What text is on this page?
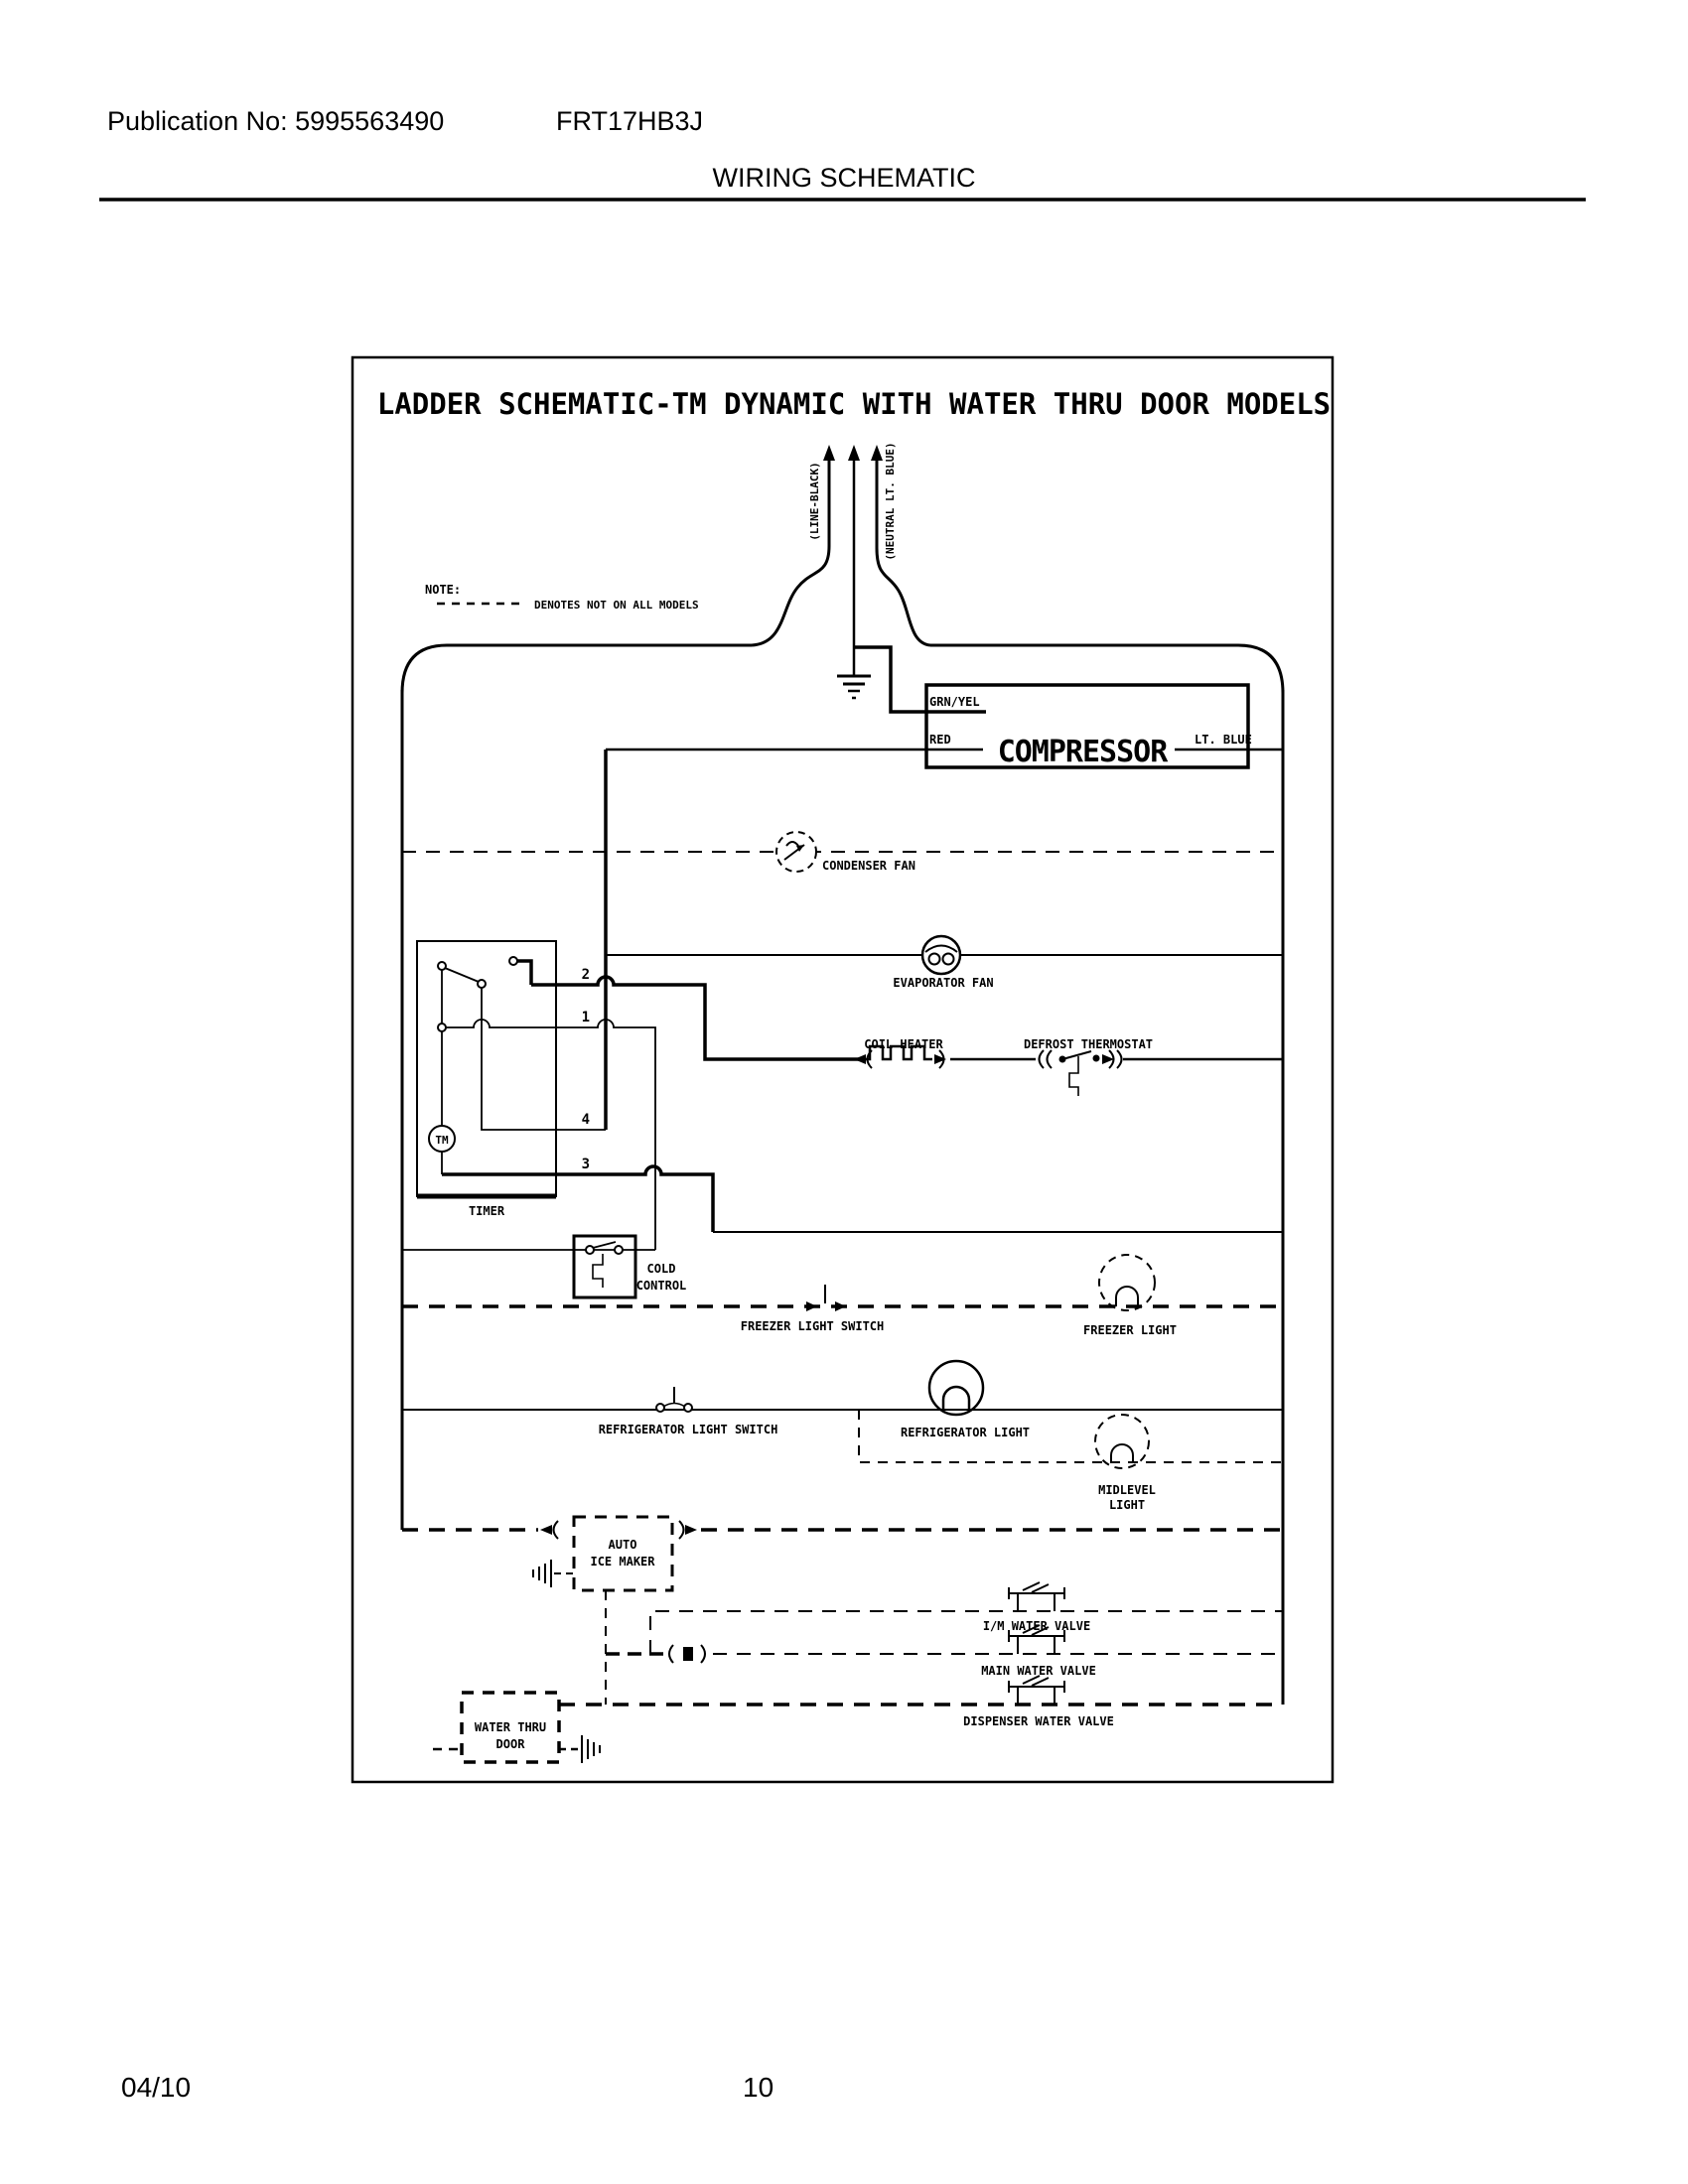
Publication No: 5995563490	FRT17HB3J
WIRING SCHEMATIC
LADDER SCHEMATIC-TM DYNAMIC WITH WATER THRU DOOR MODELS
NOTE:
DENOTES NOT ON ALL MODELS
(LINE-BLACK)	(NEUTRAL LT. BLUE)
GRN/YEL
RED	LT. BLUE
COMPRESSOR
CONDENSER FAN
EVAPORATOR FAN
TM
TIMER
2
1
4
3
COIL HEATER	DEFROST THERMOSTAT
COLD
CONTROL
FREEZER LIGHT SWITCH	FREEZER LIGHT
REFRIGERATOR LIGHT SWITCH	REFRIGERATOR LIGHT
MIDLEVEL
LIGHT
AUTO
ICE MAKER
I/M WATER VALVE
MAIN WATER VALVE
DISPENSER WATER VALVE
WATER THRU
DOOR
04/10	10
